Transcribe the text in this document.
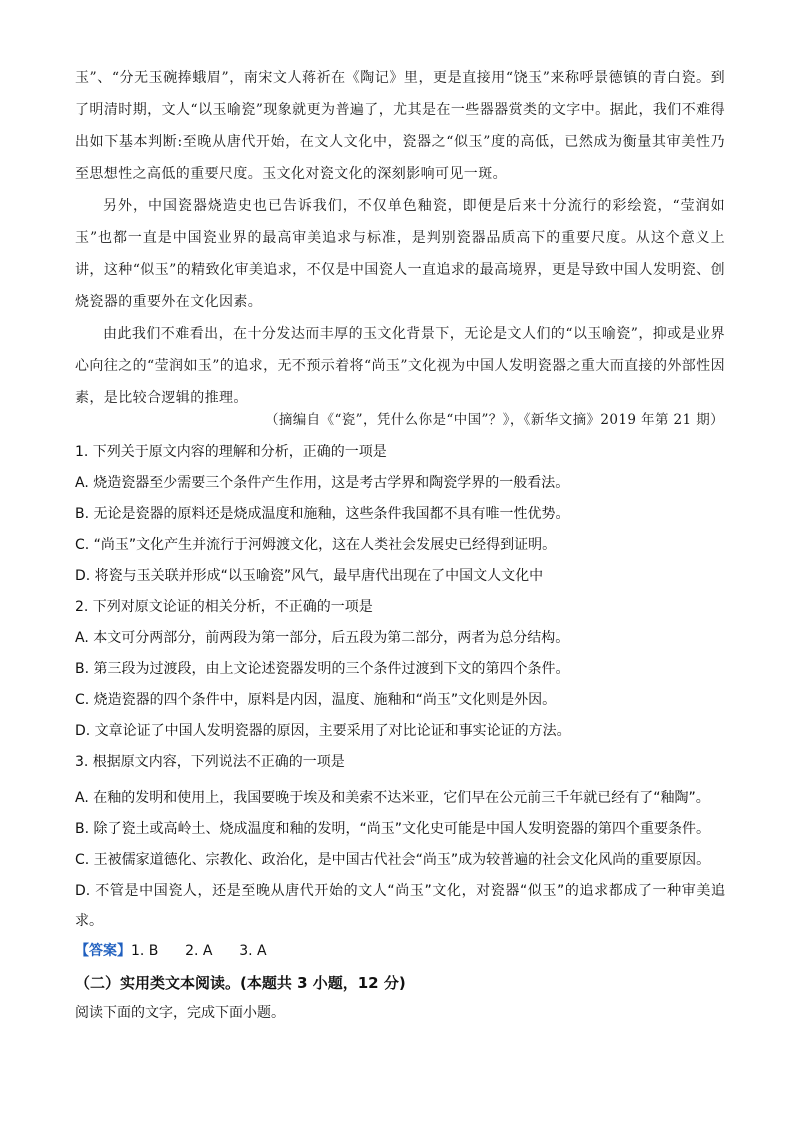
玉”、“分无玉碗捧蛾眉”，南宋文人蒋祈在《陶记》里，更是直接用“饶玉”来称呼景德镇的青白瓷。到了明清时期，文人“以玉喻瓷”现象就更为普遍了，尤其是在一些器器赏类的文字中。据此，我们不难得出如下基本判断:至晚从唐代开始，在文人文化中，瓷器之“似玉”度的高低，已然成为衡量其审美性乃至思想性之高低的重要尺度。玉文化对瓷文化的深刻影响可见一斑。

另外，中国瓷器烧造史也已告诉我们，不仅单色釉瓷，即便是后来十分流行的彩绘瓷，“莹润如玉”也都一直是中国瓷业界的最高审美追求与标准，是判别瓷器品质高下的重要尺度。从这个意义上讲，这种“似玉”的精致化审美追求，不仅是中国瓷人一直追求的最高境界，更是导致中国人发明瓷、创烧瓷器的重要外在文化因素。

由此我们不难看出，在十分发达而丰厚的玉文化背景下，无论是文人们的“以玉喻瓷”，抑或是业界心向往之的“莹润如玉”的追求，无不预示着将“尚玉”文化视为中国人发明瓷器之重大而直接的外部性因素，是比较合逻辑的推理。

（摘编自《“瓷”，凭什么你是“中国”？》，《新华文摘》2019 年第 21 期）

1. 下列关于原文内容的理解和分析，正确的一项是

A. 烧造瓷器至少需要三个条件产生作用，这是考古学界和陶瓷学界的一般看法。

B. 无论是瓷器的原料还是烧成温度和施釉，这些条件我国都不具有唯一性优势。

C. “尚玉”文化产生并流行于河姆渡文化，这在人类社会发展史已经得到证明。

D. 将瓷与玉关联并形成“以玉喻瓷”风气，最早唐代出现在了中国文人文化中

2. 下列对原文论证的相关分析，不正确的一项是

A. 本文可分两部分，前两段为第一部分，后五段为第二部分，两者为总分结构。

B. 第三段为过渡段，由上文论述瓷器发明的三个条件过渡到下文的第四个条件。

C. 烧造瓷器的四个条件中，原料是内因，温度、施釉和“尚玉”文化则是外因。

D. 文章论证了中国人发明瓷器的原因，主要采用了对比论证和事实论证的方法。

3. 根据原文内容，下列说法不正确的一项是

A. 在釉的发明和使用上，我国要晚于埃及和美索不达米亚，它们早在公元前三千年就已经有了“釉陶”。

B. 除了瓷土或高岭土、烧成温度和釉的发明，“尚玉”文化史可能是中国人发明瓷器的第四个重要条件。

C. 王被儒家道德化、宗教化、政治化，是中国古代社会“尚玉”成为较普遍的社会文化风尚的重要原因。

D. 不管是中国瓷人，还是至晚从唐代开始的文人“尚玉”文化，对瓷器“似玉”的追求都成了一种审美追求。

【答案】1. B      2. A      3. A

（二）实用类文本阅读。(本题共 3 小题，12 分)

阅读下面的文字，完成下面小题。
